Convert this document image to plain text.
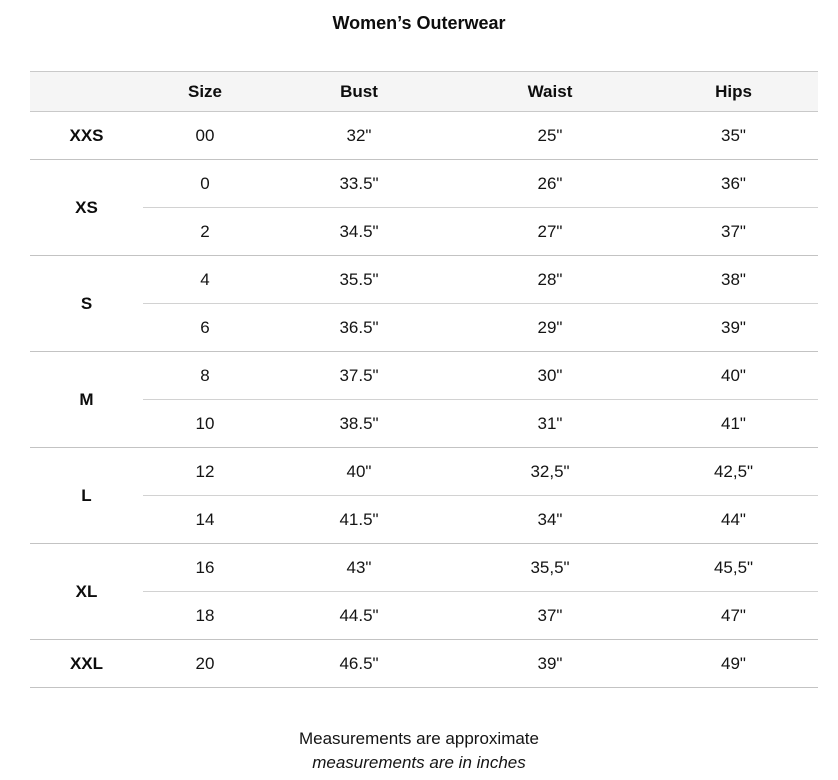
Women’s Outerwear
	Size	Bust	Waist	Hips
XXS	00	32"	25"	35"
XS	0	33.5"	26"	36"
	2	34.5"	27"	37"
S	4	35.5"	28"	38"
	6	36.5"	29"	39"
M	8	37.5"	30"	40"
	10	38.5"	31"	41"
L	12	40"	32,5"	42,5"
	14	41.5"	34"	44"
XL	16	43"	35,5"	45,5"
	18	44.5"	37"	47"
XXL	20	46.5"	39"	49"
Measurements are approximate
measurements are in inches
